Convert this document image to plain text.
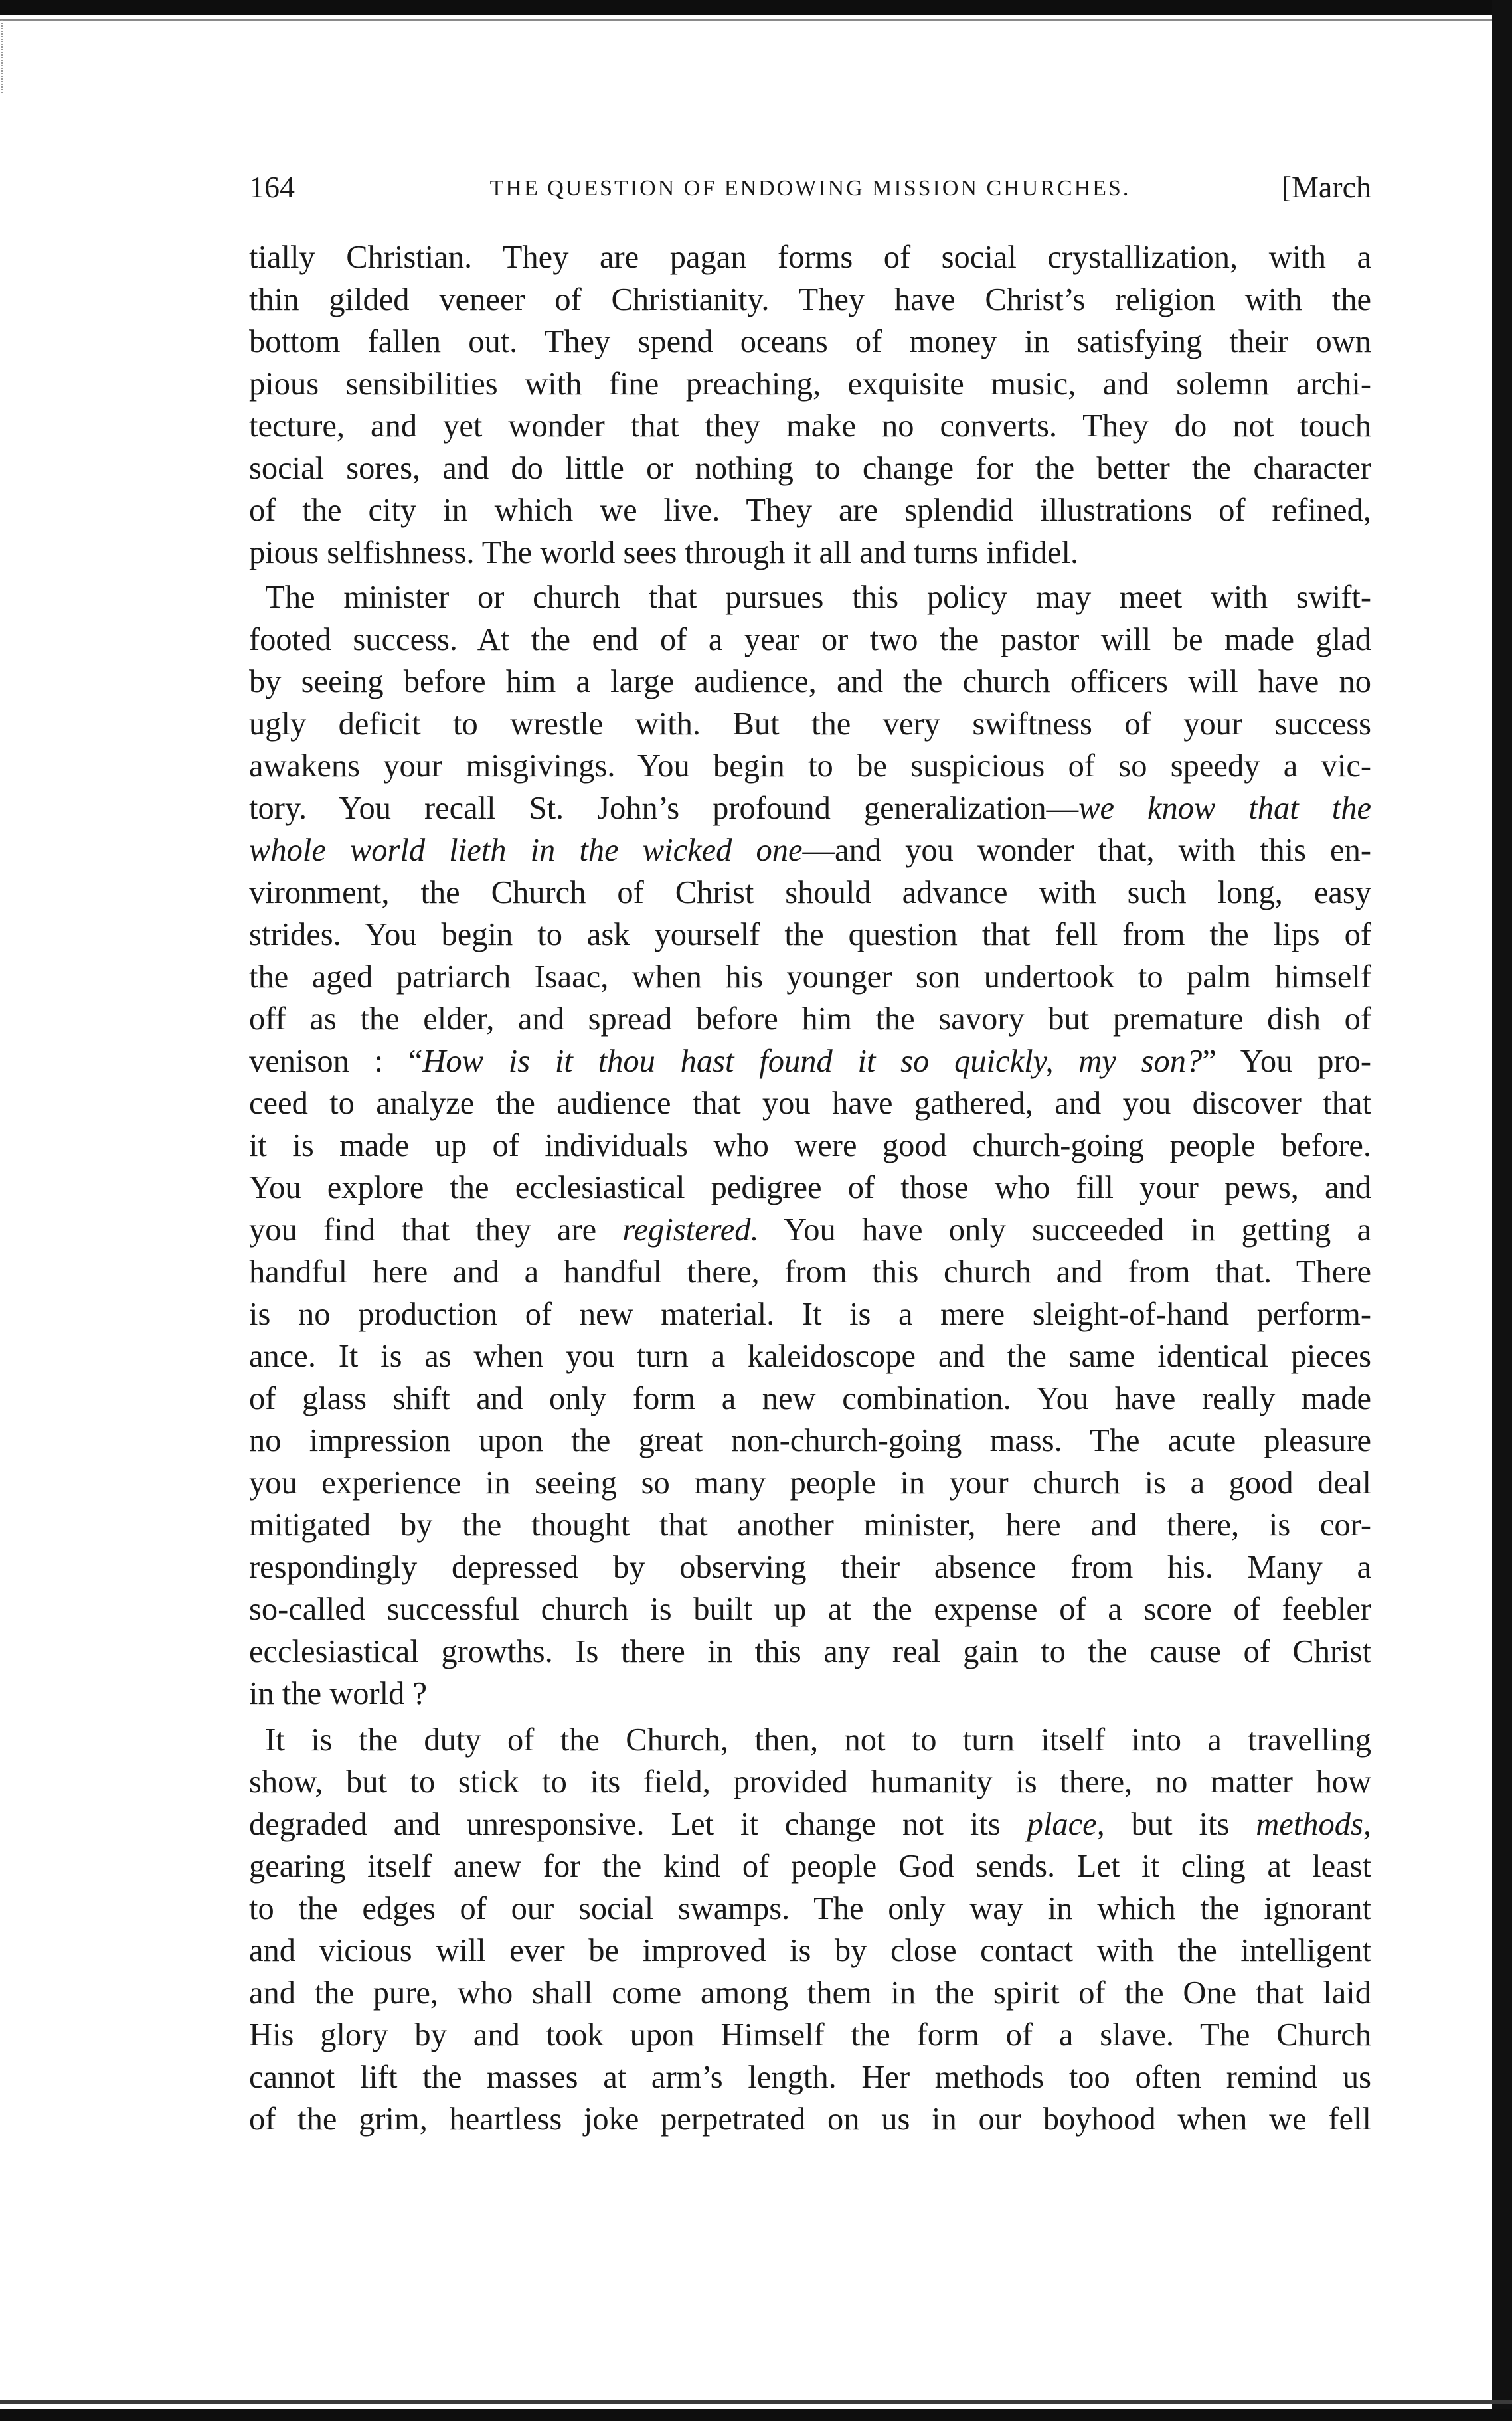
164	THE QUESTION OF ENDOWING MISSION CHURCHES.	[March
tially Christian. They are pagan forms of social crystallization, with a
thin gilded veneer of Christianity. They have Christ’s religion with the
bottom fallen out. They spend oceans of money in satisfying their own
pious sensibilities with fine preaching, exquisite music, and solemn archi-
tecture, and yet wonder that they make no converts. They do not touch
social sores, and do little or nothing to change for the better the character
of the city in which we live. They are splendid illustrations of refined,
pious selfishness. The world sees through it all and turns infidel.
 The minister or church that pursues this policy may meet with swift-
footed success. At the end of a year or two the pastor will be made glad
by seeing before him a large audience, and the church officers will have no
ugly deficit to wrestle with. But the very swiftness of your success
awakens your misgivings. You begin to be suspicious of so speedy a vic-
tory. You recall St. John’s profound generalization—we know that the
whole world lieth in the wicked one—and you wonder that, with this en-
vironment, the Church of Christ should advance with such long, easy
strides. You begin to ask yourself the question that fell from the lips of
the aged patriarch Isaac, when his younger son undertook to palm himself
off as the elder, and spread before him the savory but premature dish of
venison : “How is it thou hast found it so quickly, my son?” You pro-
ceed to analyze the audience that you have gathered, and you discover that
it is made up of individuals who were good church-going people before.
You explore the ecclesiastical pedigree of those who fill your pews, and
you find that they are registered. You have only succeeded in getting a
handful here and a handful there, from this church and from that. There
is no production of new material. It is a mere sleight-of-hand perform-
ance. It is as when you turn a kaleidoscope and the same identical pieces
of glass shift and only form a new combination. You have really made
no impression upon the great non-church-going mass. The acute pleasure
you experience in seeing so many people in your church is a good deal
mitigated by the thought that another minister, here and there, is cor-
respondingly depressed by observing their absence from his. Many a
so-called successful church is built up at the expense of a score of feebler
ecclesiastical growths. Is there in this any real gain to the cause of Christ
in the world ?
 It is the duty of the Church, then, not to turn itself into a travelling
show, but to stick to its field, provided humanity is there, no matter how
degraded and unresponsive. Let it change not its place, but its methods,
gearing itself anew for the kind of people God sends. Let it cling at least
to the edges of our social swamps. The only way in which the ignorant
and vicious will ever be improved is by close contact with the intelligent
and the pure, who shall come among them in the spirit of the One that laid
His glory by and took upon Himself the form of a slave. The Church
cannot lift the masses at arm’s length. Her methods too often remind us
of the grim, heartless joke perpetrated on us in our boyhood when we fell
